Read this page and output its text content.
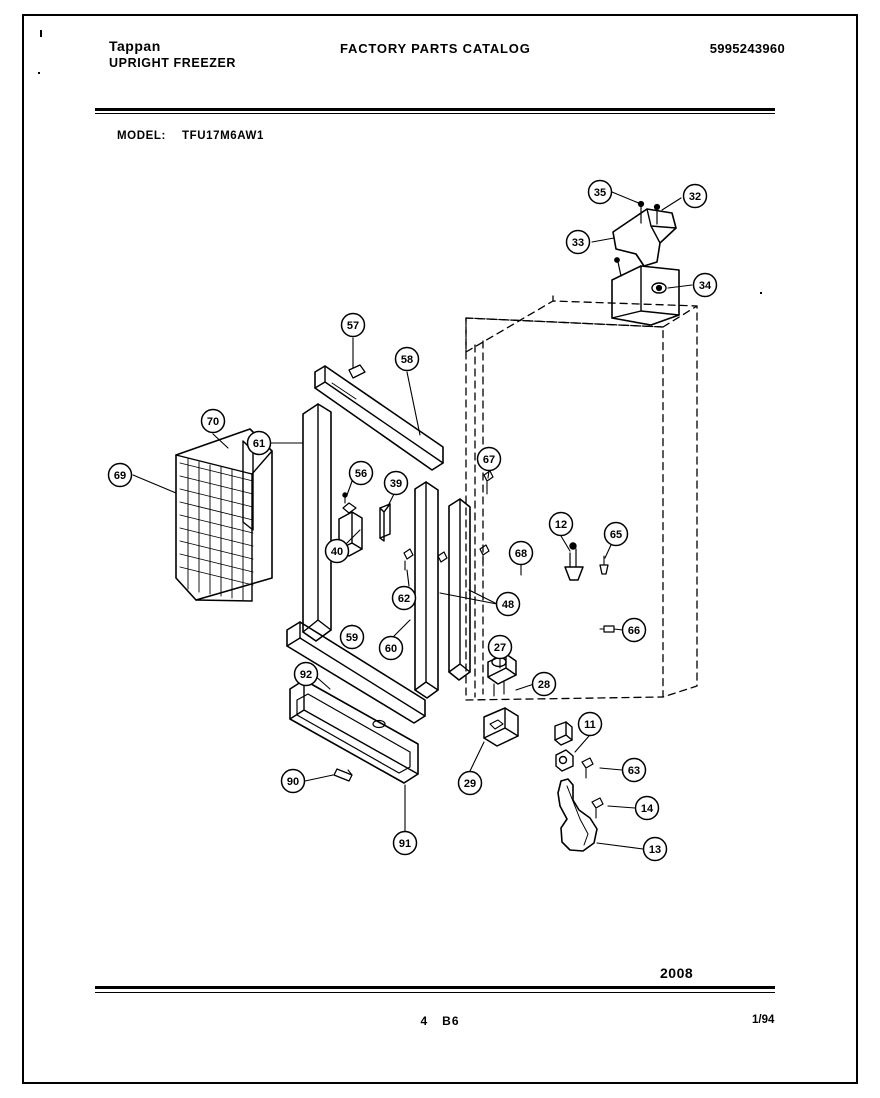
Tappan
UPRIGHT FREEZER
FACTORY PARTS CATALOG	5995243960
MODEL: TFU17M6AW1
35	32
33
34
57
58
70
61
69	56
39
67
12
65
40	68
62	48
66
59
60
92
27
28
11
90	29
63
14
13
91
2008
4 B6	1/94
